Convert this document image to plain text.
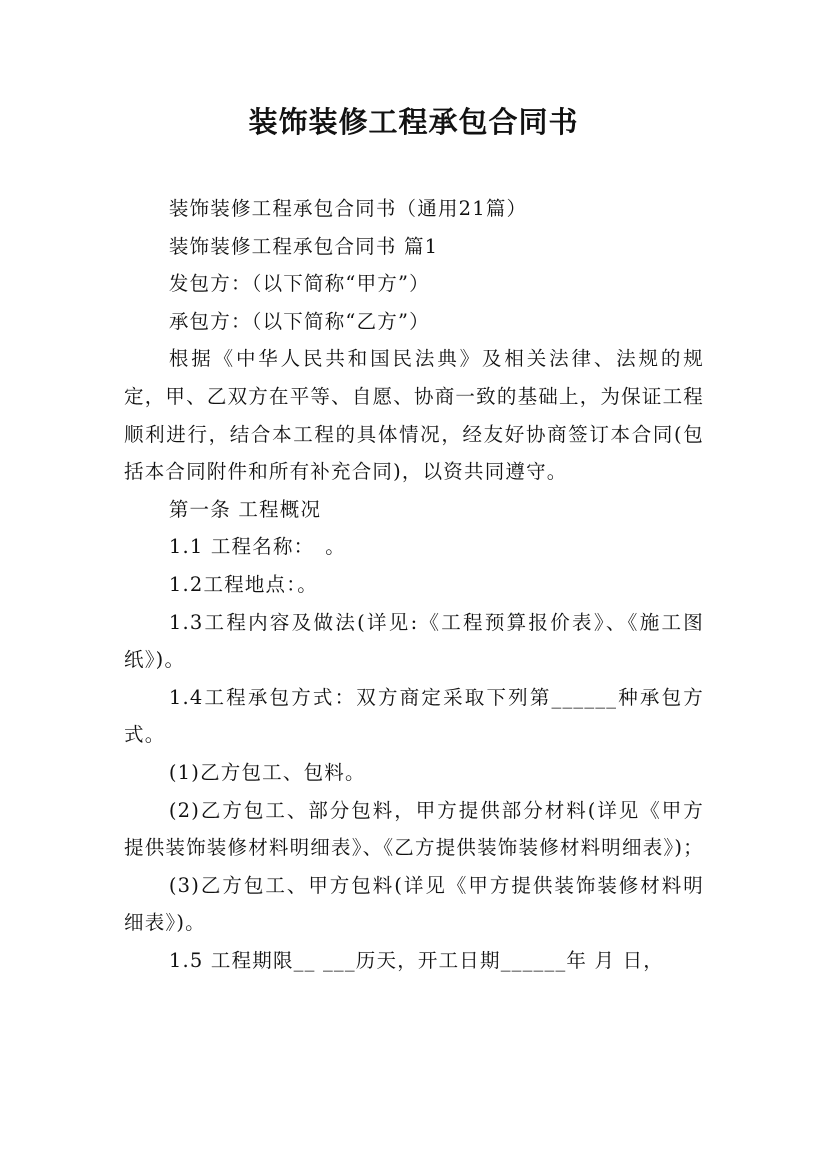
装饰装修工程承包合同书

装饰装修工程承包合同书（通用21篇）

装饰装修工程承包合同书 篇1

发包方：（以下简称“甲方”）

承包方：（以下简称“乙方”）

根据《中华人民共和国民法典》及相关法律、法规的规定，甲、乙双方在平等、自愿、协商一致的基础上，为保证工程顺利进行，结合本工程的具体情况，经友好协商签订本合同(包括本合同附件和所有补充合同)，以资共同遵守。

第一条 工程概况

1.1 工程名称：　。

1.2工程地点：。

1.3工程内容及做法(详见:《工程预算报价表》、《施工图纸》)。

1.4工程承包方式：双方商定采取下列第______种承包方式。

(1)乙方包工、包料。

(2)乙方包工、部分包料，甲方提供部分材料(详见《甲方提供装饰装修材料明细表》、《乙方提供装饰装修材料明细表》)；

(3)乙方包工、甲方包料(详见《甲方提供装饰装修材料明细表》)。

1.5 工程期限__ ___历天，开工日期______年 月 日，
